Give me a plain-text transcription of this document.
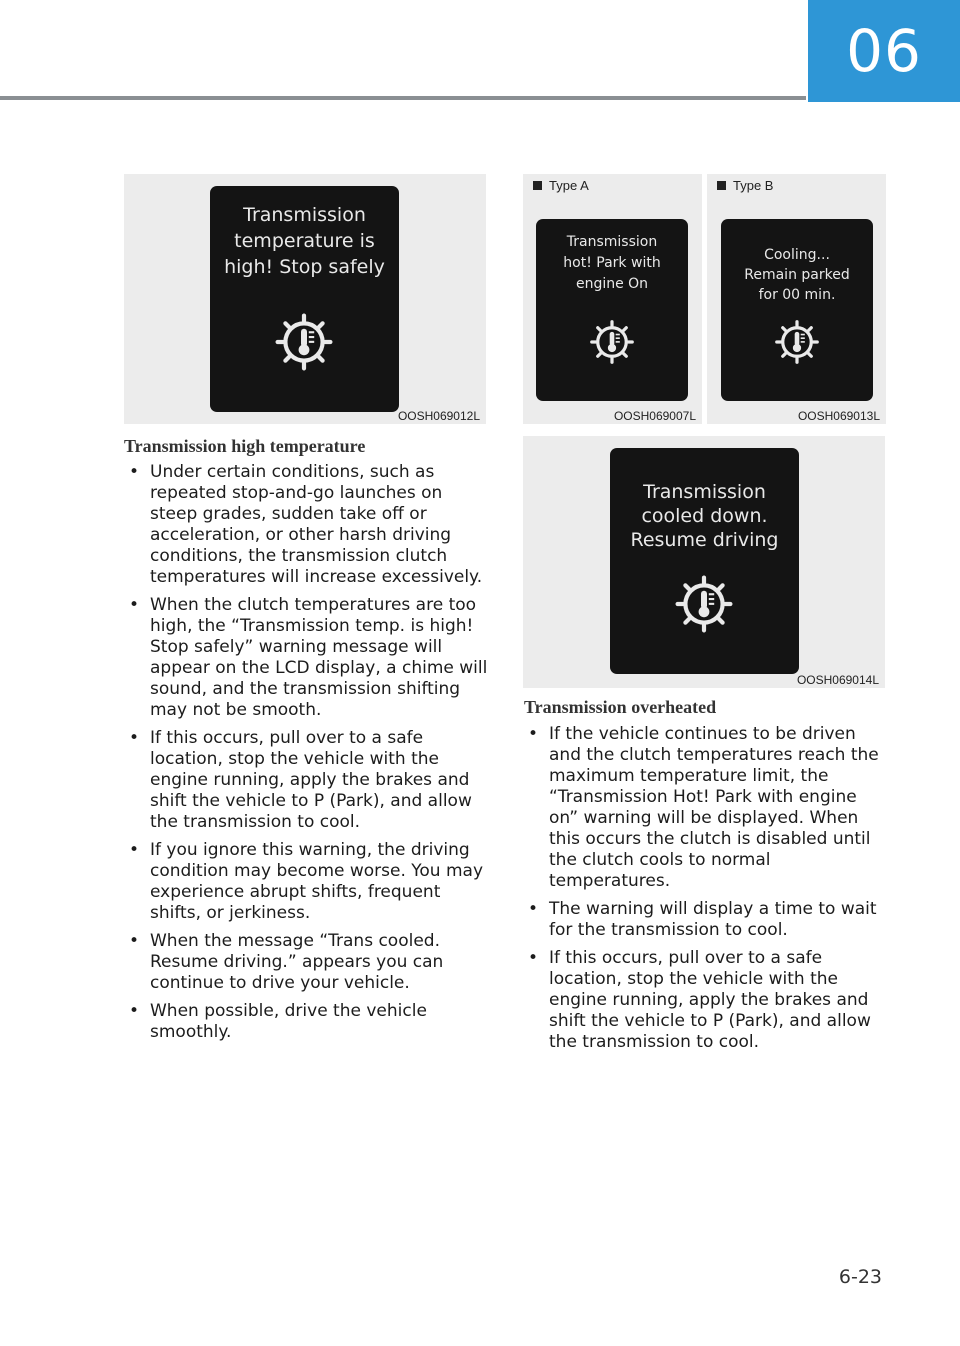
06

Transmission
temperature is
high! Stop safely

OOSH069012L
Type A

Transmission
hot! Park with
engine On

OOSH069007L
Type B

Cooling...
Remain parked
for 00 min.

OOSH069013L

Transmission
cooled down.
Resume driving

OOSH069014L
Transmission high temperature
• Under certain conditions, such as repeated stop-and-go launches on steep grades, sudden take off or acceleration, or other harsh driving conditions, the transmission clutch temperatures will increase excessively.
• When the clutch temperatures are too high, the “Transmission temp. is high! Stop safely” warning message will appear on the LCD display, a chime will sound, and the transmission shifting may not be smooth.
• If this occurs, pull over to a safe location, stop the vehicle with the engine running, apply the brakes and shift the vehicle to P (Park), and allow the transmission to cool.
• If you ignore this warning, the driving condition may become worse. You may experience abrupt shifts, frequent shifts, or jerkiness.
• When the message “Trans cooled. Resume driving.” appears you can continue to drive your vehicle.
• When possible, drive the vehicle smoothly.
Transmission overheated
• If the vehicle continues to be driven and the clutch temperatures reach the maximum temperature limit, the “Transmission Hot! Park with engine on” warning will be displayed. When this occurs the clutch is disabled until the clutch cools to normal temperatures.
• The warning will display a time to wait for the transmission to cool.
• If this occurs, pull over to a safe location, stop the vehicle with the engine running, apply the brakes and shift the vehicle to P (Park), and allow the transmission to cool.
6-23
